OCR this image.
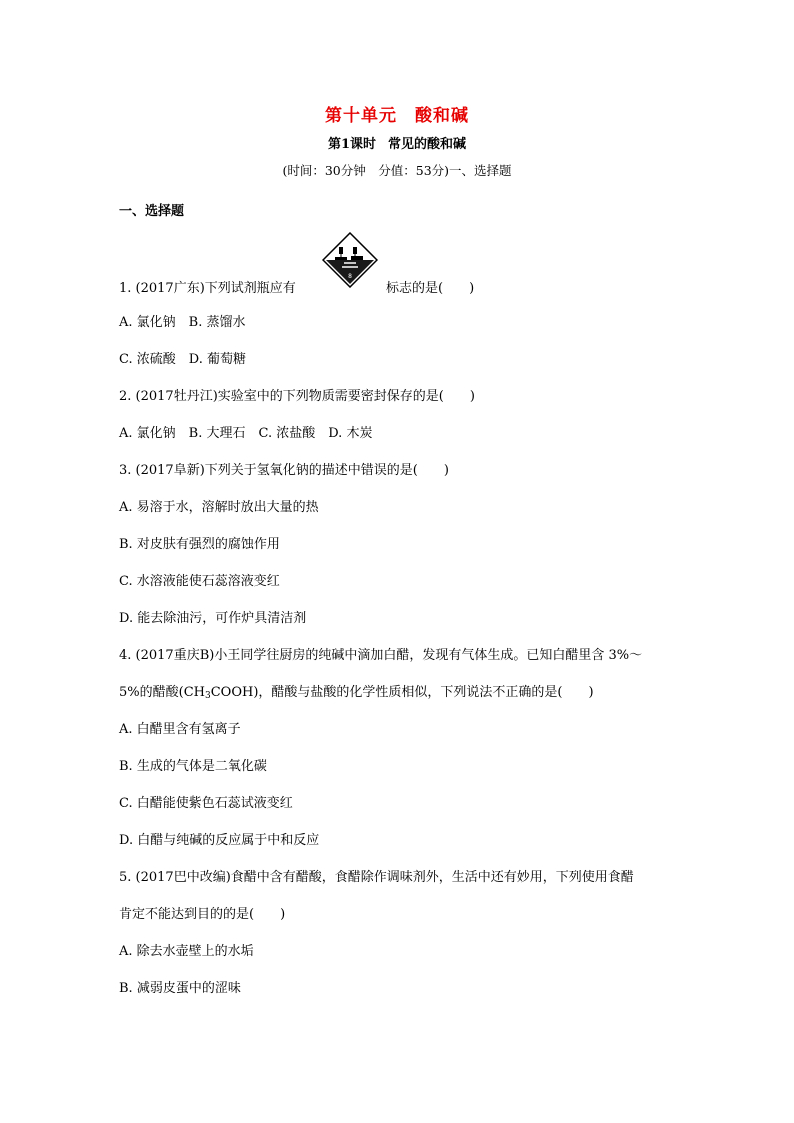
第十单元 酸和碱
第1课时 常见的酸和碱
(时间：30分钟　分值：53分)一、选择题
一、选择题
1. (2017广东)下列试剂瓶应有
8
标志的是(　　)
A. 氯化钠　B. 蒸馏水
C. 浓硫酸　D. 葡萄糖
2. (2017牡丹江)实验室中的下列物质需要密封保存的是(　　)
A. 氯化钠　B. 大理石　C. 浓盐酸　D. 木炭
3. (2017阜新)下列关于氢氧化钠的描述中错误的是(　　)
A. 易溶于水，溶解时放出大量的热
B. 对皮肤有强烈的腐蚀作用
C. 水溶液能使石蕊溶液变红
D. 能去除油污，可作炉具清洁剂
4. (2017重庆B)小王同学往厨房的纯碱中滴加白醋，发现有气体生成。已知白醋里含 3%～
5%的醋酸$(CH_3COOH)$，醋酸与盐酸的化学性质相似，下列说法不正确的是(　　)
A. 白醋里含有氢离子
B. 生成的气体是二氧化碳
C. 白醋能使紫色石蕊试液变红
D. 白醋与纯碱的反应属于中和反应
5. (2017巴中改编)食醋中含有醋酸，食醋除作调味剂外，生活中还有妙用，下列使用食醋
肯定不能达到目的的是(　　)
A. 除去水壶壁上的水垢
B. 减弱皮蛋中的涩味
